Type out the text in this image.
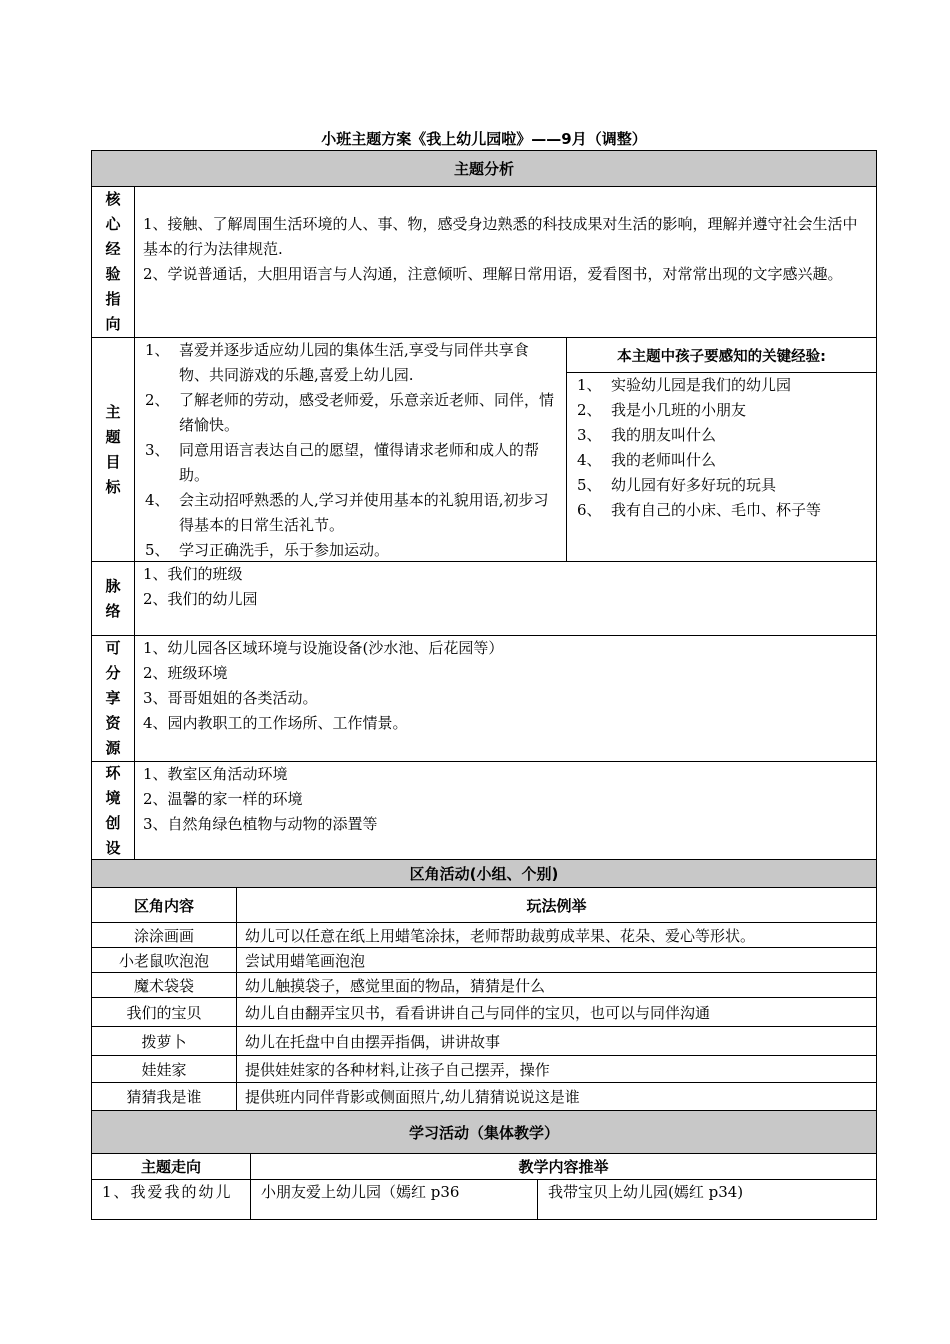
小班主题方案《我上幼儿园啦》——9月（调整）
主题分析
核心经验指向
1、接触、了解周围生活环境的人、事、物，感受身边熟悉的科技成果对生活的影响，理解并遵守社会生活中基本的行为法律规范.
2、学说普通话，大胆用语言与人沟通，注意倾听、理解日常用语，爱看图书，对常常出现的文字感兴趣。
主题目标
1、 喜爱并逐步适应幼儿园的集体生活,享受与同伴共享食物、共同游戏的乐趣,喜爱上幼儿园.
2、 了解老师的劳动，感受老师爱，乐意亲近老师、同伴，情绪愉快。
3、 同意用语言表达自己的愿望，懂得请求老师和成人的帮助。
4、 会主动招呼熟悉的人,学习并使用基本的礼貌用语,初步习得基本的日常生活礼节。
5、 学习正确洗手，乐于参加运动。
本主题中孩子要感知的关键经验:
1、 实验幼儿园是我们的幼儿园
2、 我是小几班的小朋友
3、 我的朋友叫什么
4、 我的老师叫什么
5、 幼儿园有好多好玩的玩具
6、 我有自己的小床、毛巾、杯子等
脉络
1、我们的班级
2、我们的幼儿园
可分享资源
1、幼儿园各区域环境与设施设备(沙水池、后花园等）
2、班级环境
3、哥哥姐姐的各类活动。
4、园内教职工的工作场所、工作情景。
环境创设
1、教室区角活动环境
2、温馨的家一样的环境
3、自然角绿色植物与动物的添置等
区角活动(小组、个别)
区角内容	玩法例举
涂涂画画	幼儿可以任意在纸上用蜡笔涂抹，老师帮助裁剪成苹果、花朵、爱心等形状。
小老鼠吹泡泡 尝试用蜡笔画泡泡
魔术袋袋	幼儿触摸袋子，感觉里面的物品，猜猜是什么
我们的宝贝	幼儿自由翻弄宝贝书，看看讲讲自己与同伴的宝贝，也可以与同伴沟通
拨萝卜	幼儿在托盘中自由摆弄指偶，讲讲故事
娃娃家	提供娃娃家的各种材料,让孩子自己摆弄，操作
猜猜我是谁	提供班内同伴背影或侧面照片,幼儿猜猜说说这是谁
学习活动（集体教学）
主题走向	教学内容推举
1、我爱我的幼儿	小朋友爱上幼儿园（嫣红 p36	我带宝贝上幼儿园(嫣红 p34)
